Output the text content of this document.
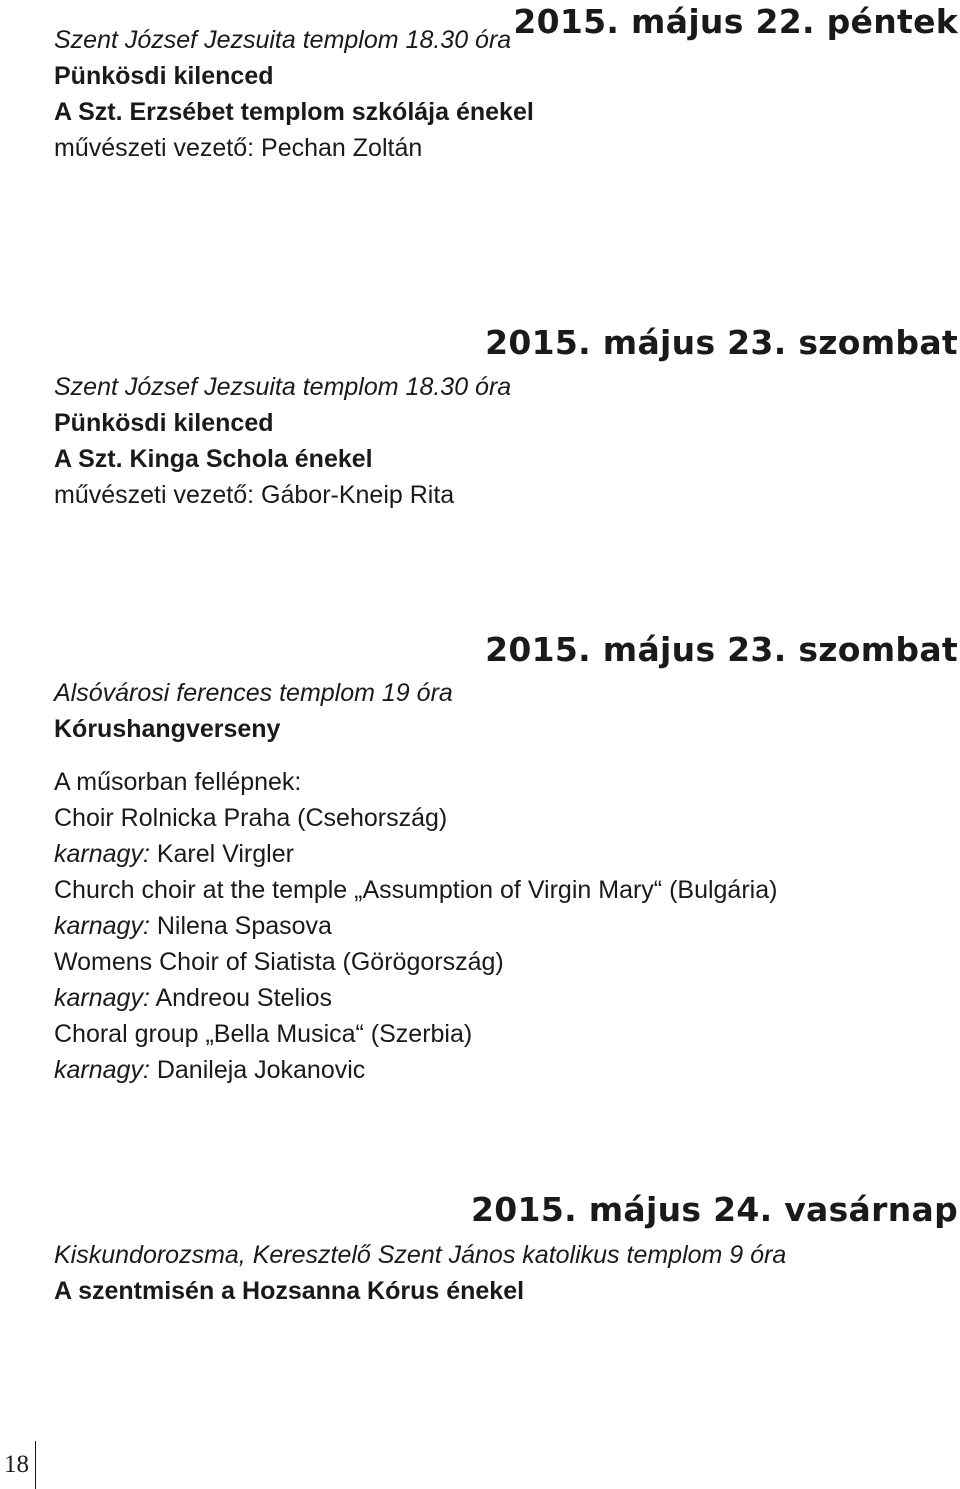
2015. május 22. péntek
Szent József Jezsuita templom 18.30 óra
Pünkösdi kilenced
A Szt. Erzsébet templom szkólája énekel
művészeti vezető: Pechan Zoltán
2015. május 23. szombat
Szent József Jezsuita templom 18.30 óra
Pünkösdi kilenced
A Szt. Kinga Schola énekel
művészeti vezető: Gábor-Kneip Rita
2015. május 23. szombat
Alsóvárosi ferences templom 19 óra
Kórushangverseny
A műsorban fellépnek:
Choir Rolnicka Praha (Csehország)
karnagy: Karel Virgler
Church choir at the temple „Assumption of Virgin Mary“ (Bulgária)
karnagy: Nilena Spasova
Womens Choir of Siatista (Görögország)
karnagy: Andreou Stelios
Choral group „Bella Musica“ (Szerbia)
karnagy: Danileja Jokanovic
2015. május 24. vasárnap
Kiskundorozsma, Keresztelő Szent János katolikus templom 9 óra
A szentmisén a Hozsanna Kórus énekel
18
